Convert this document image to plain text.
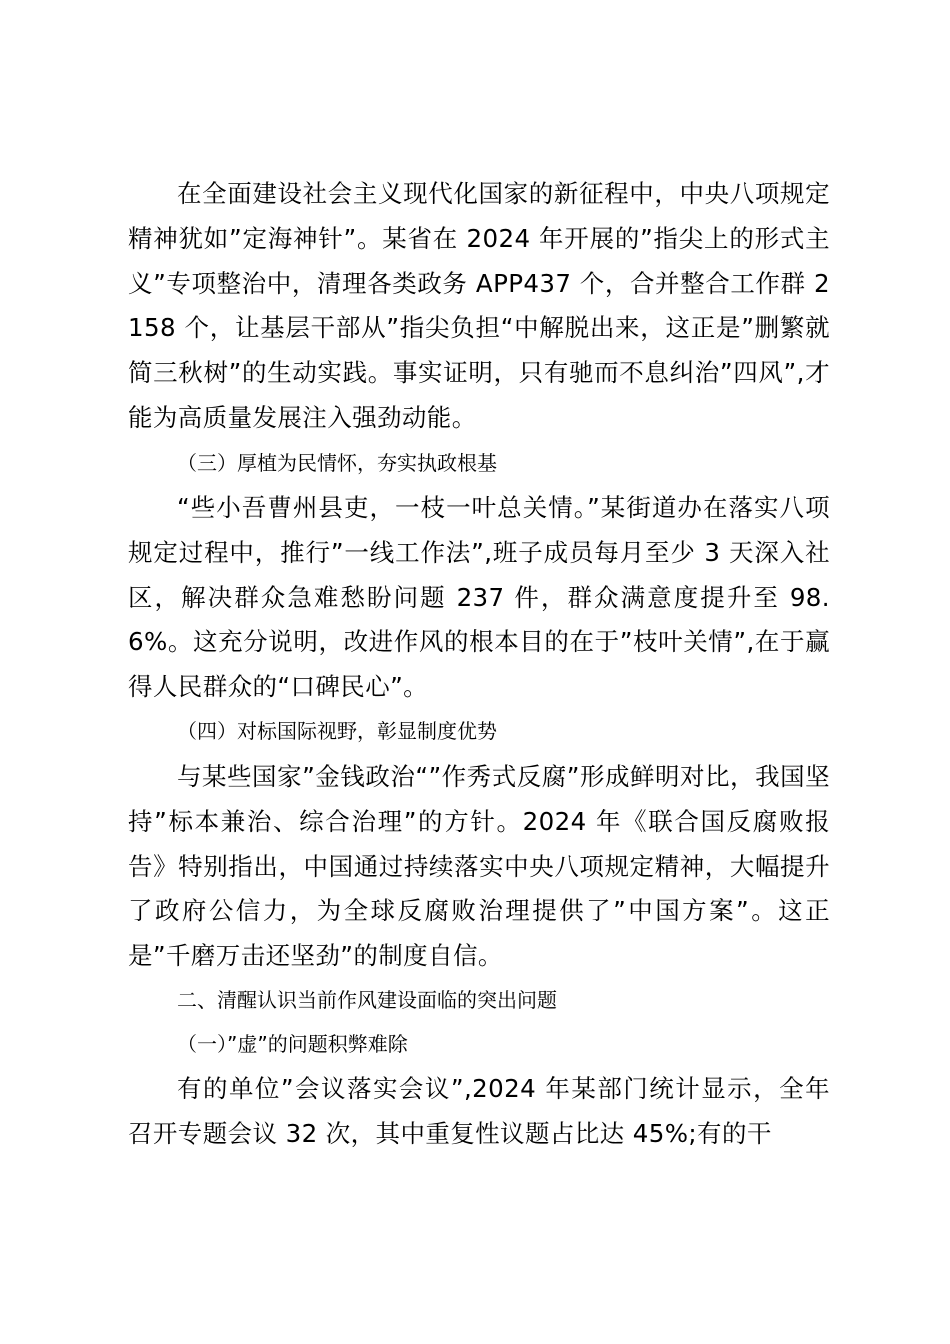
在全面建设社会主义现代化国家的新征程中，中央八项规定精神犹如”定海神针”。某省在 2024 年开展的”指尖上的形式主义”专项整治中，清理各类政务 APP437 个，合并整合工作群 2158 个，让基层干部从”指尖负担“中解脱出来，这正是”删繁就简三秋树”的生动实践。事实证明，只有驰而不息纠治”四风”,才能为高质量发展注入强劲动能。

（三）厚植为民情怀，夯实执政根基

“些小吾曹州县吏，一枝一叶总关情。”某街道办在落实八项规定过程中，推行”一线工作法”,班子成员每月至少 3 天深入社区，解决群众急难愁盼问题 237 件，群众满意度提升至 98.6%。这充分说明，改进作风的根本目的在于”枝叶关情”,在于赢得人民群众的“口碑民心”。

（四）对标国际视野，彰显制度优势

与某些国家”金钱政治“”作秀式反腐”形成鲜明对比，我国坚持”标本兼治、综合治理”的方针。2024 年《联合国反腐败报告》特别指出，中国通过持续落实中央八项规定精神，大幅提升了政府公信力，为全球反腐败治理提供了”中国方案”。这正是”千磨万击还坚劲”的制度自信。

二、清醒认识当前作风建设面临的突出问题
（一）”虚”的问题积弊难除

有的单位”会议落实会议”,2024 年某部门统计显示，全年召开专题会议 32 次，其中重复性议题占比达 45%;有的干
